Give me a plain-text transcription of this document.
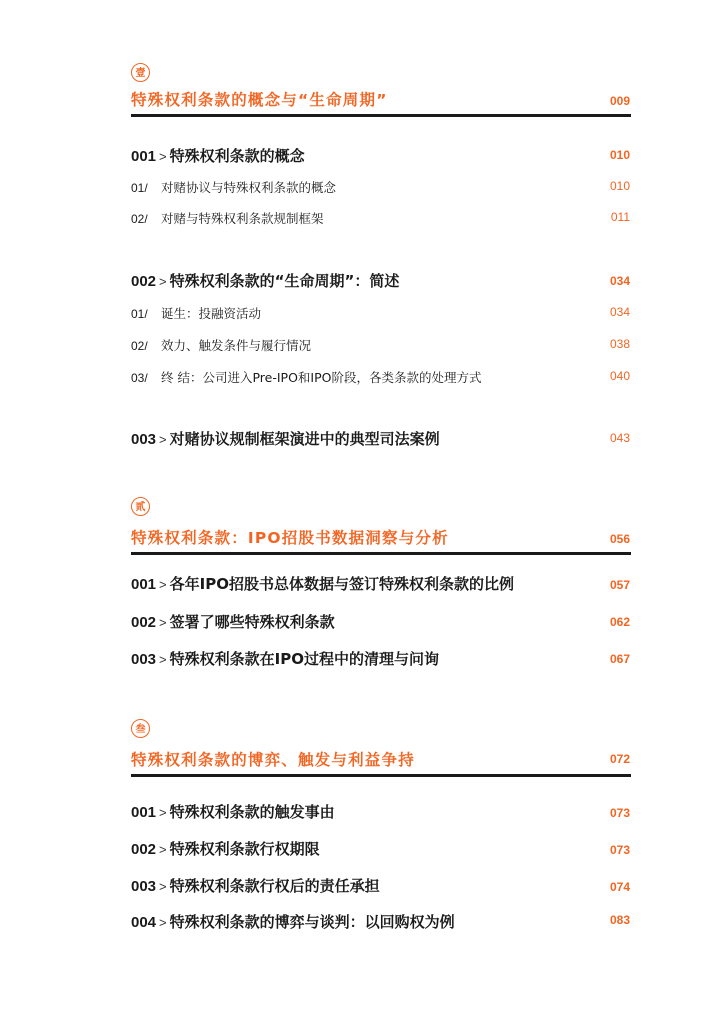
壹
特殊权利条款的概念与“生命周期”	009
001 > 特殊权利条款的概念	010
01/ 对赌协议与特殊权利条款的概念	010
02/ 对赌与特殊权利条款规制框架	011
002 > 特殊权利条款的“生命周期”：简述	034
01/ 诞生：投融资活动	034
02/ 效力、触发条件与履行情况	038
03/ 终 结：公司进入Pre-IPO和IPO阶段，各类条款的处理方式	040
003 > 对赌协议规制框架演进中的典型司法案例	043
贰
特殊权利条款：IPO招股书数据洞察与分析	056
001 > 各年IPO招股书总体数据与签订特殊权利条款的比例	057
002 > 签署了哪些特殊权利条款	062
003 > 特殊权利条款在IPO过程中的清理与问询	067
叁
特殊权利条款的博弈、触发与利益争持	072
001 > 特殊权利条款的触发事由	073
002 > 特殊权利条款行权期限	073
003 > 特殊权利条款行权后的责任承担	074
004 > 特殊权利条款的博弈与谈判：以回购权为例	083
